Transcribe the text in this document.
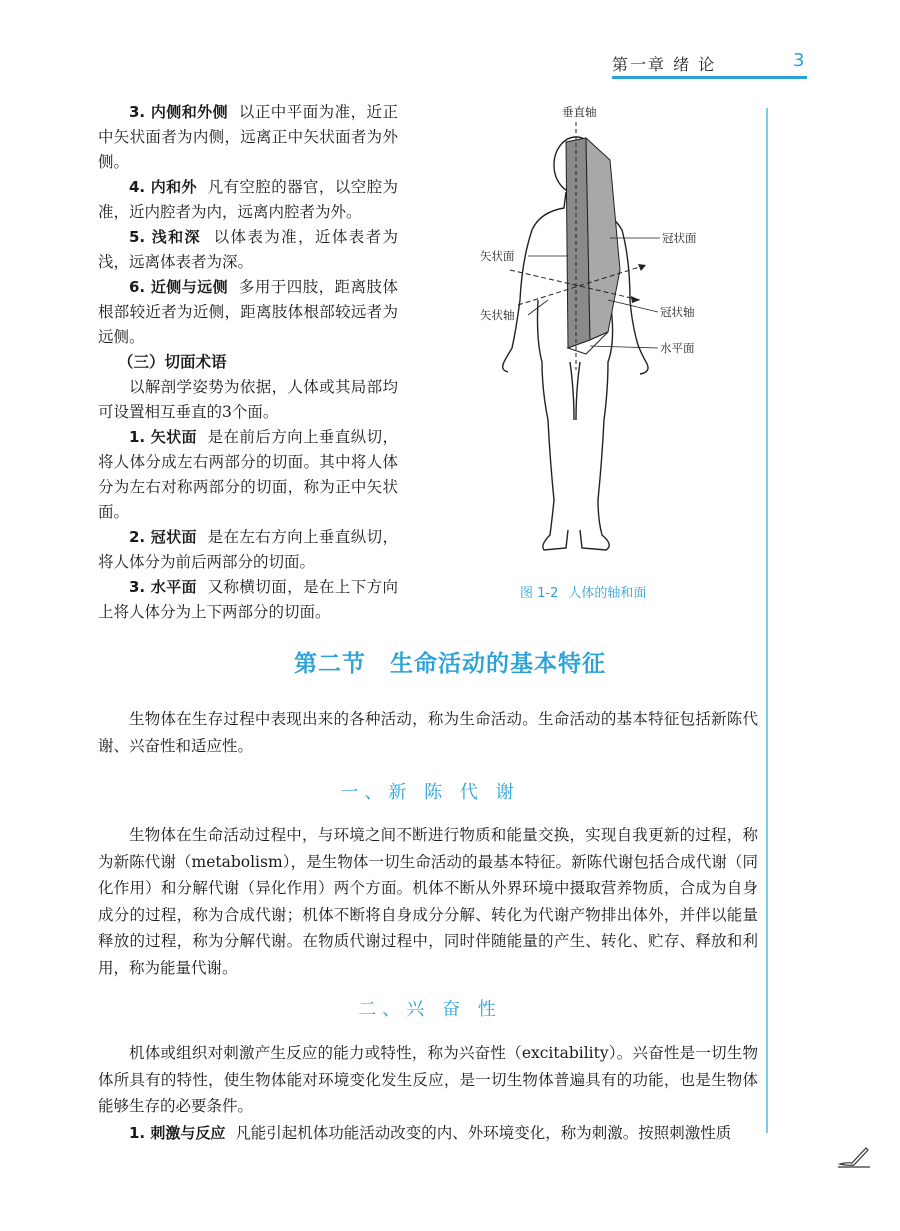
第一章 绪 论	3

3. 内侧和外侧 以正中平面为准，近正中矢状面者为内侧，远离正中矢状面者为外侧。

4. 内和外 凡有空腔的器官，以空腔为准，近内腔者为内，远离内腔者为外。

5. 浅和深 以体表为准，近体表者为浅，远离体表者为深。

6. 近侧与远侧 多用于四肢，距离肢体根部较近者为近侧，距离肢体根部较远者为远侧。

（三）切面术语

以解剖学姿势为依据，人体或其局部均可设置相互垂直的3个面。

1. 矢状面 是在前后方向上垂直纵切，将人体分成左右两部分的切面。其中将人体分为左右对称两部分的切面，称为正中矢状面。

2. 冠状面 是在左右方向上垂直纵切，将人体分为前后两部分的切面。

3. 水平面 又称横切面，是在上下方向上将人体分为上下两部分的切面。

垂直轴
冠状面
矢状面
矢状轴	冠状轴
水平面
图 1-2 人体的轴和面
第二节 生命活动的基本特征

生物体在生存过程中表现出来的各种活动，称为生命活动。生命活动的基本特征包括新陈代谢、兴奋性和适应性。

一、新 陈 代 谢

生物体在生命活动过程中，与环境之间不断进行物质和能量交换，实现自我更新的过程，称为新陈代谢（metabolism），是生物体一切生命活动的最基本特征。新陈代谢包括合成代谢（同化作用）和分解代谢（异化作用）两个方面。机体不断从外界环境中摄取营养物质，合成为自身成分的过程，称为合成代谢；机体不断将自身成分分解、转化为代谢产物排出体外，并伴以能量释放的过程，称为分解代谢。在物质代谢过程中，同时伴随能量的产生、转化、贮存、释放和利用，称为能量代谢。

二、兴 奋 性

机体或组织对刺激产生反应的能力或特性，称为兴奋性（excitability）。兴奋性是一切生物体所具有的特性，使生物体能对环境变化发生反应，是一切生物体普遍具有的功能，也是生物体能够生存的必要条件。

1. 刺激与反应 凡能引起机体功能活动改变的内、外环境变化，称为刺激。按照刺激性质
